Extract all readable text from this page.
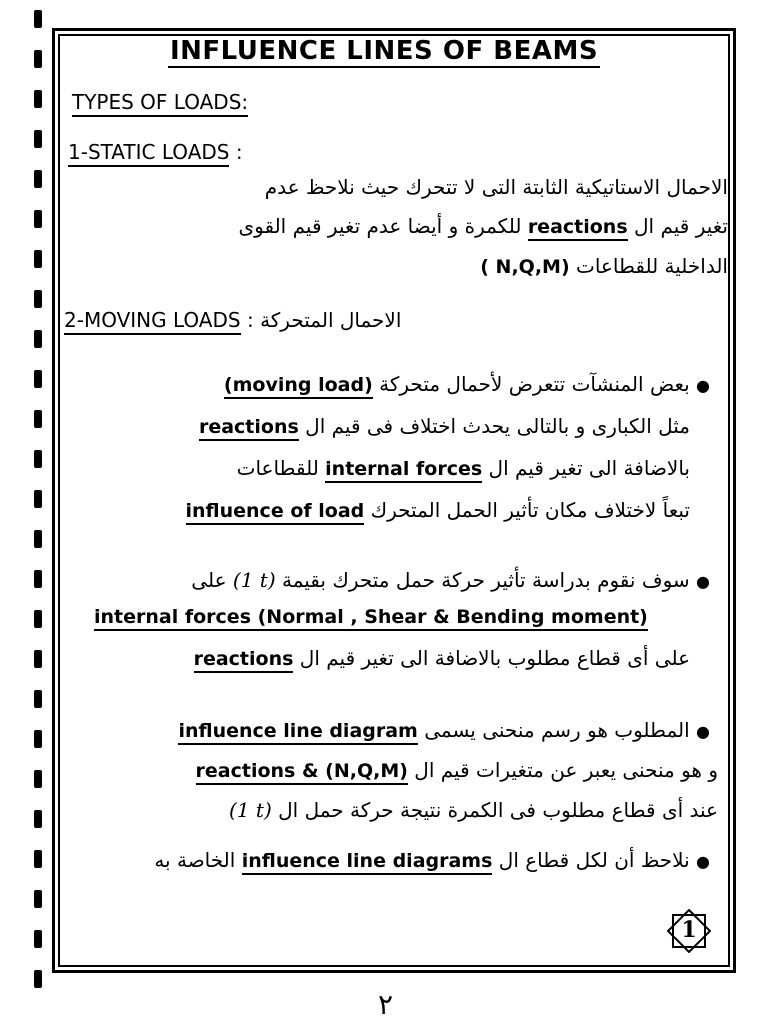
INFLUENCE LINES OF BEAMS
TYPES OF LOADS:
1-STATIC LOADS :
الاحمال الاستاتيكية الثابتة التى لا تتحرك حيث نلاحظ عدم
تغير قيم ال reactions للكمرة و أيضا عدم تغير قيم القوى
الداخلية للقطاعات ( N,Q,M)
2-MOVING LOADS : الاحمال المتحركة
● بعض المنشآت تتعرض لأحمال متحركة (moving load)
مثل الكبارى و بالتالى يحدث اختلاف فى قيم ال reactions
بالاضافة الى تغير قيم ال internal forces للقطاعات
تبعاً لاختلاف مكان تأثير الحمل المتحرك influence of load
● سوف نقوم بدراسة تأثير حركة حمل متحرك بقيمة (1 t) على
internal forces (Normal , Shear & Bending moment)
على أى قطاع مطلوب بالاضافة الى تغير قيم ال reactions
● المطلوب هو رسم منحنى يسمى influence line diagram
و هو منحنى يعبر عن متغيرات قيم ال reactions & (N,Q,M)
عند أى قطاع مطلوب فى الكمرة نتيجة حركة حمل ال (1 t)
● نلاحظ أن لكل قطاع ال influence line diagrams الخاصة به
1
٢
